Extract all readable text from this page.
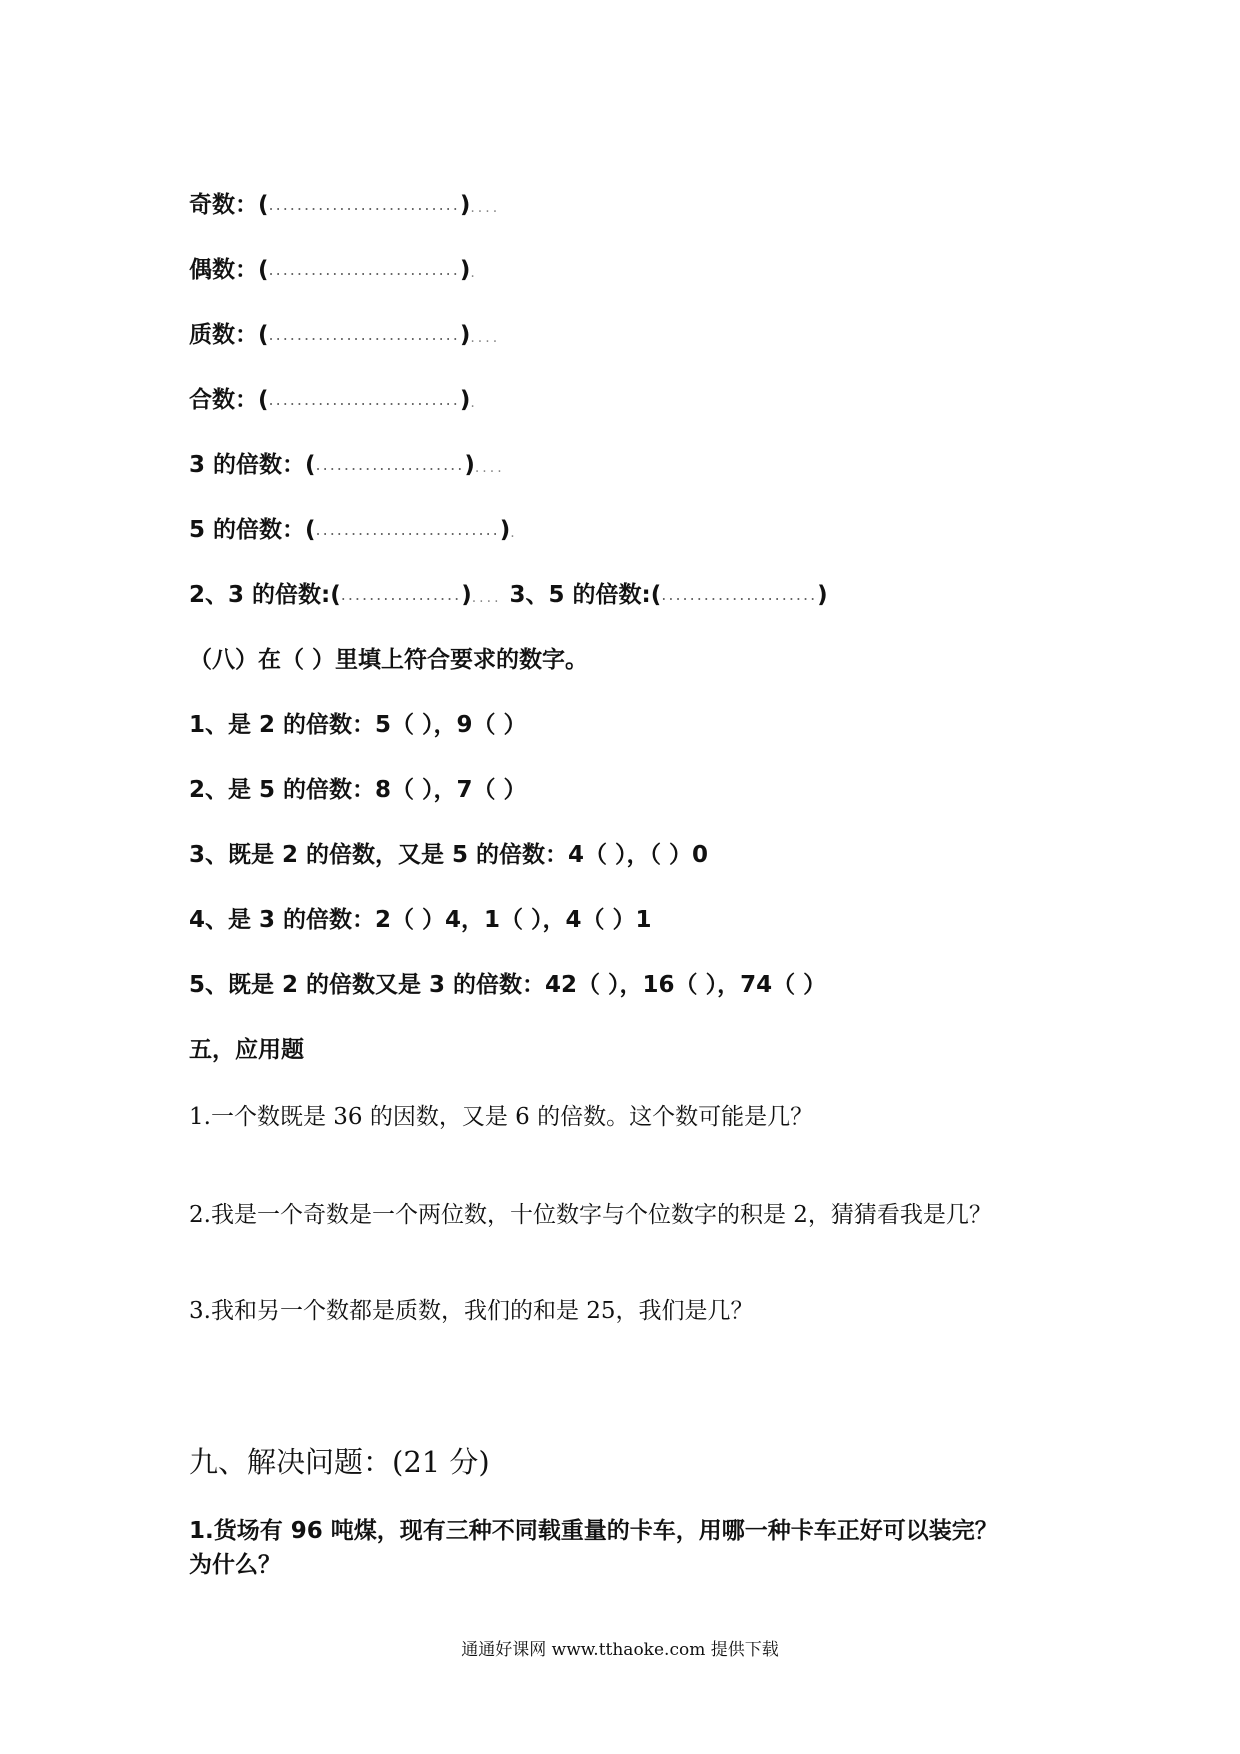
奇数：(...........................)....
偶数：(...........................).
质数：(...........................)....
合数：(...........................).
3 的倍数：(.....................)....
5 的倍数：(..........................).
2、3 的倍数:(.................).... 3、5 的倍数:(......................)
（八）在（ ）里填上符合要求的数字。
1、是 2 的倍数：5（ ），9（ ）
2、是 5 的倍数：8（ ），7（ ）
3、既是 2 的倍数，又是 5 的倍数：4（ ），（ ）0
4、是 3 的倍数：2（ ）4，1（ ），4（ ）1
5、既是 2 的倍数又是 3 的倍数：42（ ），16（ ），74（ ）
五，应用题
1.一个数既是 36 的因数，又是 6 的倍数。这个数可能是几？
2.我是一个奇数是一个两位数，十位数字与个位数字的积是 2，猜猜看我是几？
3.我和另一个数都是质数，我们的和是 25，我们是几？
九、解决问题：(21 分)
1.货场有 96 吨煤，现有三种不同载重量的卡车，用哪一种卡车正好可以装完？
为什么？
通通好课网 www.tthaoke.com 提供下载
